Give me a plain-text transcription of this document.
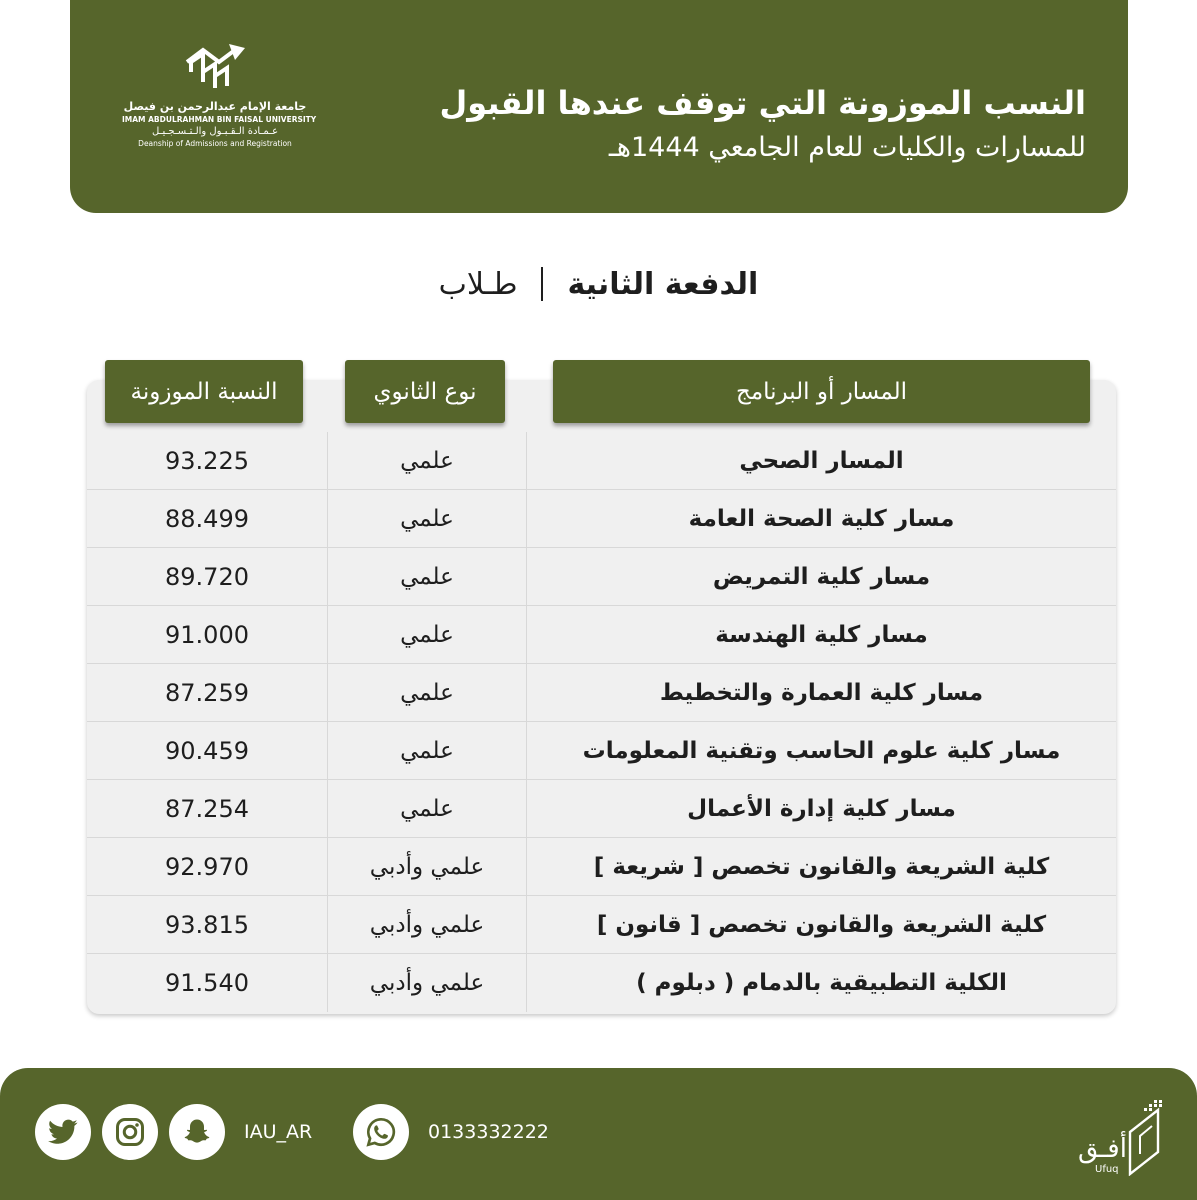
جامعة الإمام عبدالرحمن بن فيصل
IMAM ABDULRAHMAN BIN FAISAL UNIVERSITY
عـمـادة الـقـبـول والـتـسـجـيـل
Deanship of Admissions and Registration
النسب الموزونة التي توقف عندها القبول
للمسارات والكليات للعام الجامعي 1444هـ
الدفعة الثانية
طـلاب
المسار أو البرنامج
نوع الثانوي
النسبة الموزونة
المسار الصحي
علمي
93.225
مسار كلية الصحة العامة
علمي
88.499
مسار كلية التمريض
علمي
89.720
مسار كلية الهندسة
علمي
91.000
مسار كلية العمارة والتخطيط
علمي
87.259
مسار كلية علوم الحاسب وتقنية المعلومات
علمي
90.459
مسار كلية إدارة الأعمال
علمي
87.254
كلية الشريعة والقانون تخصص [ شريعة ]
علمي وأدبي
92.970
كلية الشريعة والقانون تخصص [ قانون ]
علمي وأدبي
93.815
الكلية التطبيقية بالدمام ( دبلوم )
علمي وأدبي
91.540
IAU_AR	0133332222
أفـق
Ufuq
